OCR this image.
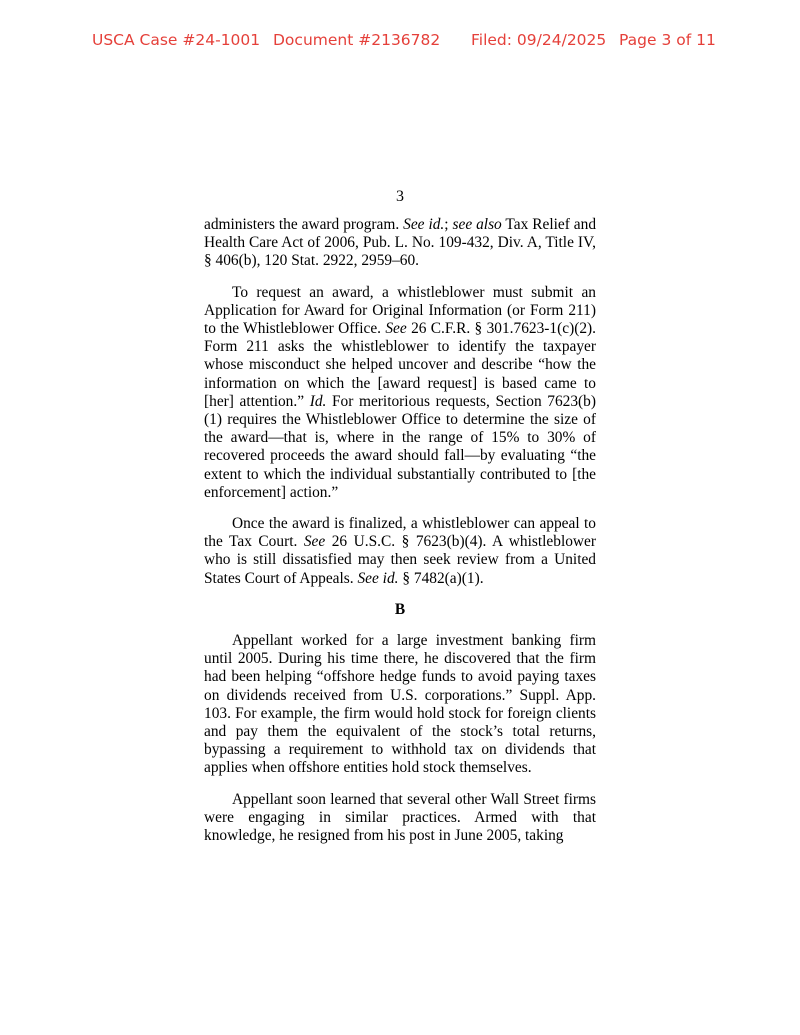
USCA Case #24-1001 Document #2136782 Filed: 09/24/2025 Page 3 of 11
3

administers the award program. See id.; see also Tax Relief and Health Care Act of 2006, Pub. L. No. 109-432, Div. A, Title IV, § 406(b), 120 Stat. 2922, 2959–60.

To request an award, a whistleblower must submit an Application for Award for Original Information (or Form 211) to the Whistleblower Office. See 26 C.F.R. § 301.7623-1(c)(2). Form 211 asks the whistleblower to identify the taxpayer whose misconduct she helped uncover and describe “how the information on which the [award request] is based came to [her] attention.” Id. For meritorious requests, Section 7623(b)(1) requires the Whistleblower Office to determine the size of the award—that is, where in the range of 15% to 30% of recovered proceeds the award should fall—by evaluating “the extent to which the individual substantially contributed to [the enforcement] action.”

Once the award is finalized, a whistleblower can appeal to the Tax Court. See 26 U.S.C. § 7623(b)(4). A whistleblower who is still dissatisfied may then seek review from a United States Court of Appeals. See id. § 7482(a)(1).

B

Appellant worked for a large investment banking firm until 2005. During his time there, he discovered that the firm had been helping “offshore hedge funds to avoid paying taxes on dividends received from U.S. corporations.” Suppl. App. 103. For example, the firm would hold stock for foreign clients and pay them the equivalent of the stock’s total returns, bypassing a requirement to withhold tax on dividends that applies when offshore entities hold stock themselves.

Appellant soon learned that several other Wall Street firms were engaging in similar practices. Armed with that knowledge, he resigned from his post in June 2005, taking
